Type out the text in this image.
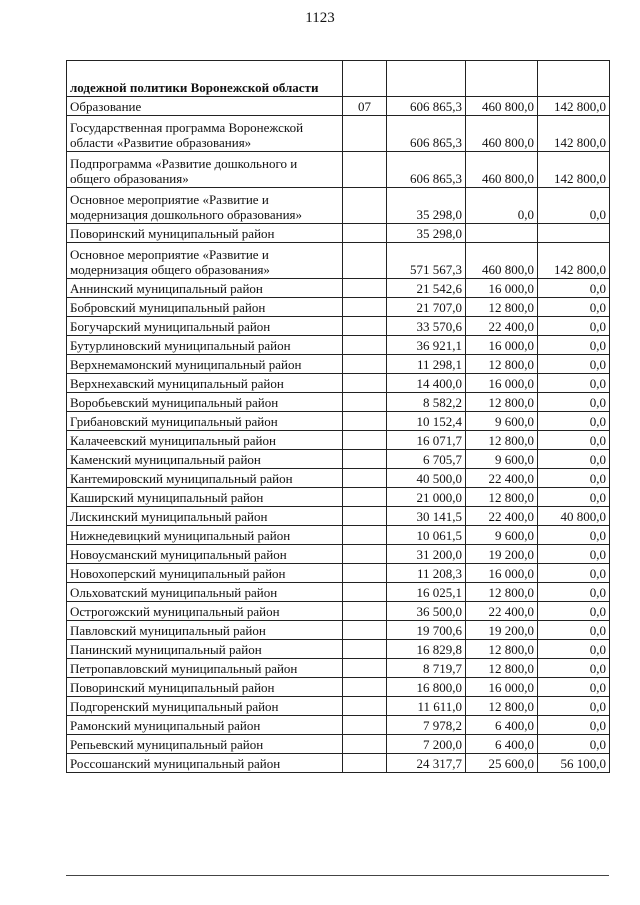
1123
лодежной политики Воронежской области				
Образование	07	606 865,3	460 800,0	142 800,0
Государственная программа Воронежской области «Развитие образования»		606 865,3	460 800,0	142 800,0
Подпрограмма «Развитие дошкольного и общего образования»		606 865,3	460 800,0	142 800,0
Основное мероприятие «Развитие и модернизация дошкольного образования»		35 298,0	0,0	0,0
Поворинский муниципальный район		35 298,0		
Основное мероприятие «Развитие и модернизация общего образования»		571 567,3	460 800,0	142 800,0
Аннинский муниципальный район		21 542,6	16 000,0	0,0
Бобровский муниципальный район		21 707,0	12 800,0	0,0
Богучарский муниципальный район		33 570,6	22 400,0	0,0
Бутурлиновский муниципальный район		36 921,1	16 000,0	0,0
Верхнемамонский муниципальный район		11 298,1	12 800,0	0,0
Верхнехавский муниципальный район		14 400,0	16 000,0	0,0
Воробьевский муниципальный район		8 582,2	12 800,0	0,0
Грибановский муниципальный район		10 152,4	9 600,0	0,0
Калачеевский муниципальный район		16 071,7	12 800,0	0,0
Каменский муниципальный район		6 705,7	9 600,0	0,0
Кантемировский муниципальный район		40 500,0	22 400,0	0,0
Каширский муниципальный район		21 000,0	12 800,0	0,0
Лискинский муниципальный район		30 141,5	22 400,0	40 800,0
Нижнедевицкий муниципальный район		10 061,5	9 600,0	0,0
Новоусманский муниципальный район		31 200,0	19 200,0	0,0
Новохоперский муниципальный район		11 208,3	16 000,0	0,0
Ольховатский муниципальный район		16 025,1	12 800,0	0,0
Острогожский муниципальный район		36 500,0	22 400,0	0,0
Павловский муниципальный район		19 700,6	19 200,0	0,0
Панинский муниципальный район		16 829,8	12 800,0	0,0
Петропавловский муниципальный район		8 719,7	12 800,0	0,0
Поворинский муниципальный район		16 800,0	16 000,0	0,0
Подгоренский муниципальный район		11 611,0	12 800,0	0,0
Рамонский муниципальный район		7 978,2	6 400,0	0,0
Репьевский муниципальный район		7 200,0	6 400,0	0,0
Россошанский муниципальный район		24 317,7	25 600,0	56 100,0
